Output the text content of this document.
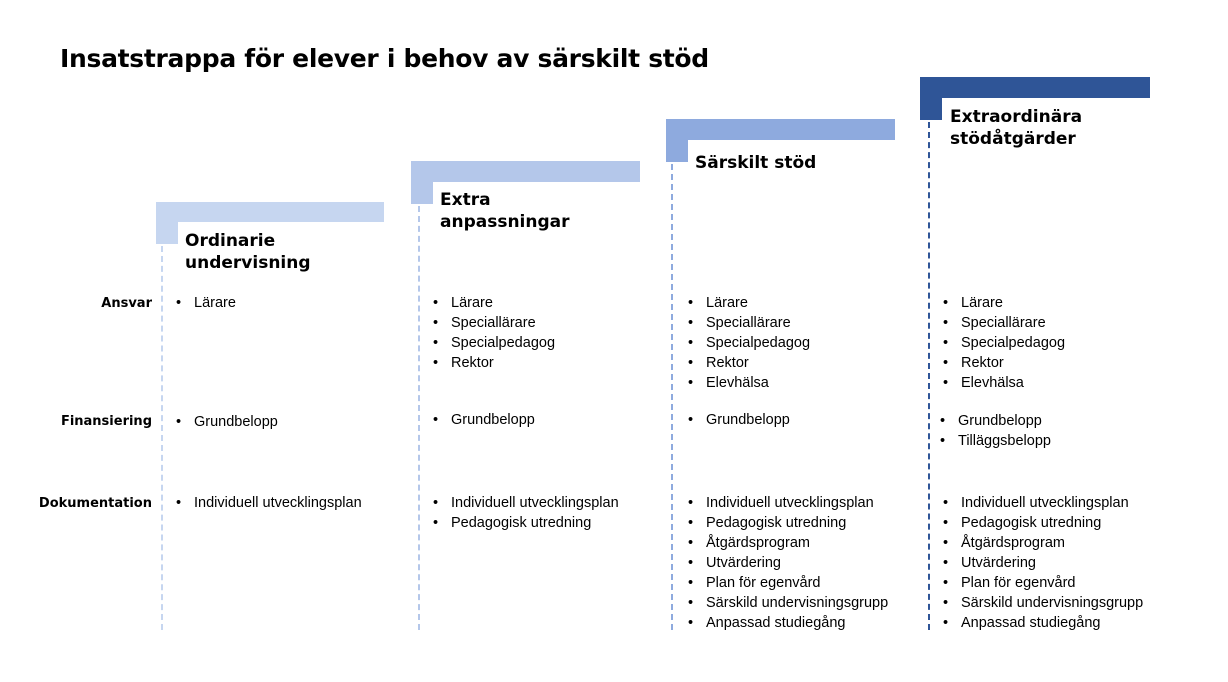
Insatstrappa för elever i behov av särskilt stöd
Ansvar
Finansiering
Dokumentation
Ordinarie
undervisning
• Lärare
• Grundbelopp
• Individuell utvecklingsplan
Extra
anpassningar
• Lärare
• Speciallärare
• Specialpedagog
• Rektor
• Grundbelopp
• Individuell utvecklingsplan
• Pedagogisk utredning
Särskilt stöd
• Lärare
• Speciallärare
• Specialpedagog
• Rektor
• Elevhälsa
• Grundbelopp
• Individuell utvecklingsplan
• Pedagogisk utredning
• Åtgärdsprogram
• Utvärdering
• Plan för egenvård
• Särskild undervisningsgrupp
• Anpassad studiegång
Extraordinära
stödåtgärder
• Lärare
• Speciallärare
• Specialpedagog
• Rektor
• Elevhälsa
• Grundbelopp
• Tilläggsbelopp
• Individuell utvecklingsplan
• Pedagogisk utredning
• Åtgärdsprogram
• Utvärdering
• Plan för egenvård
• Särskild undervisningsgrupp
• Anpassad studiegång
